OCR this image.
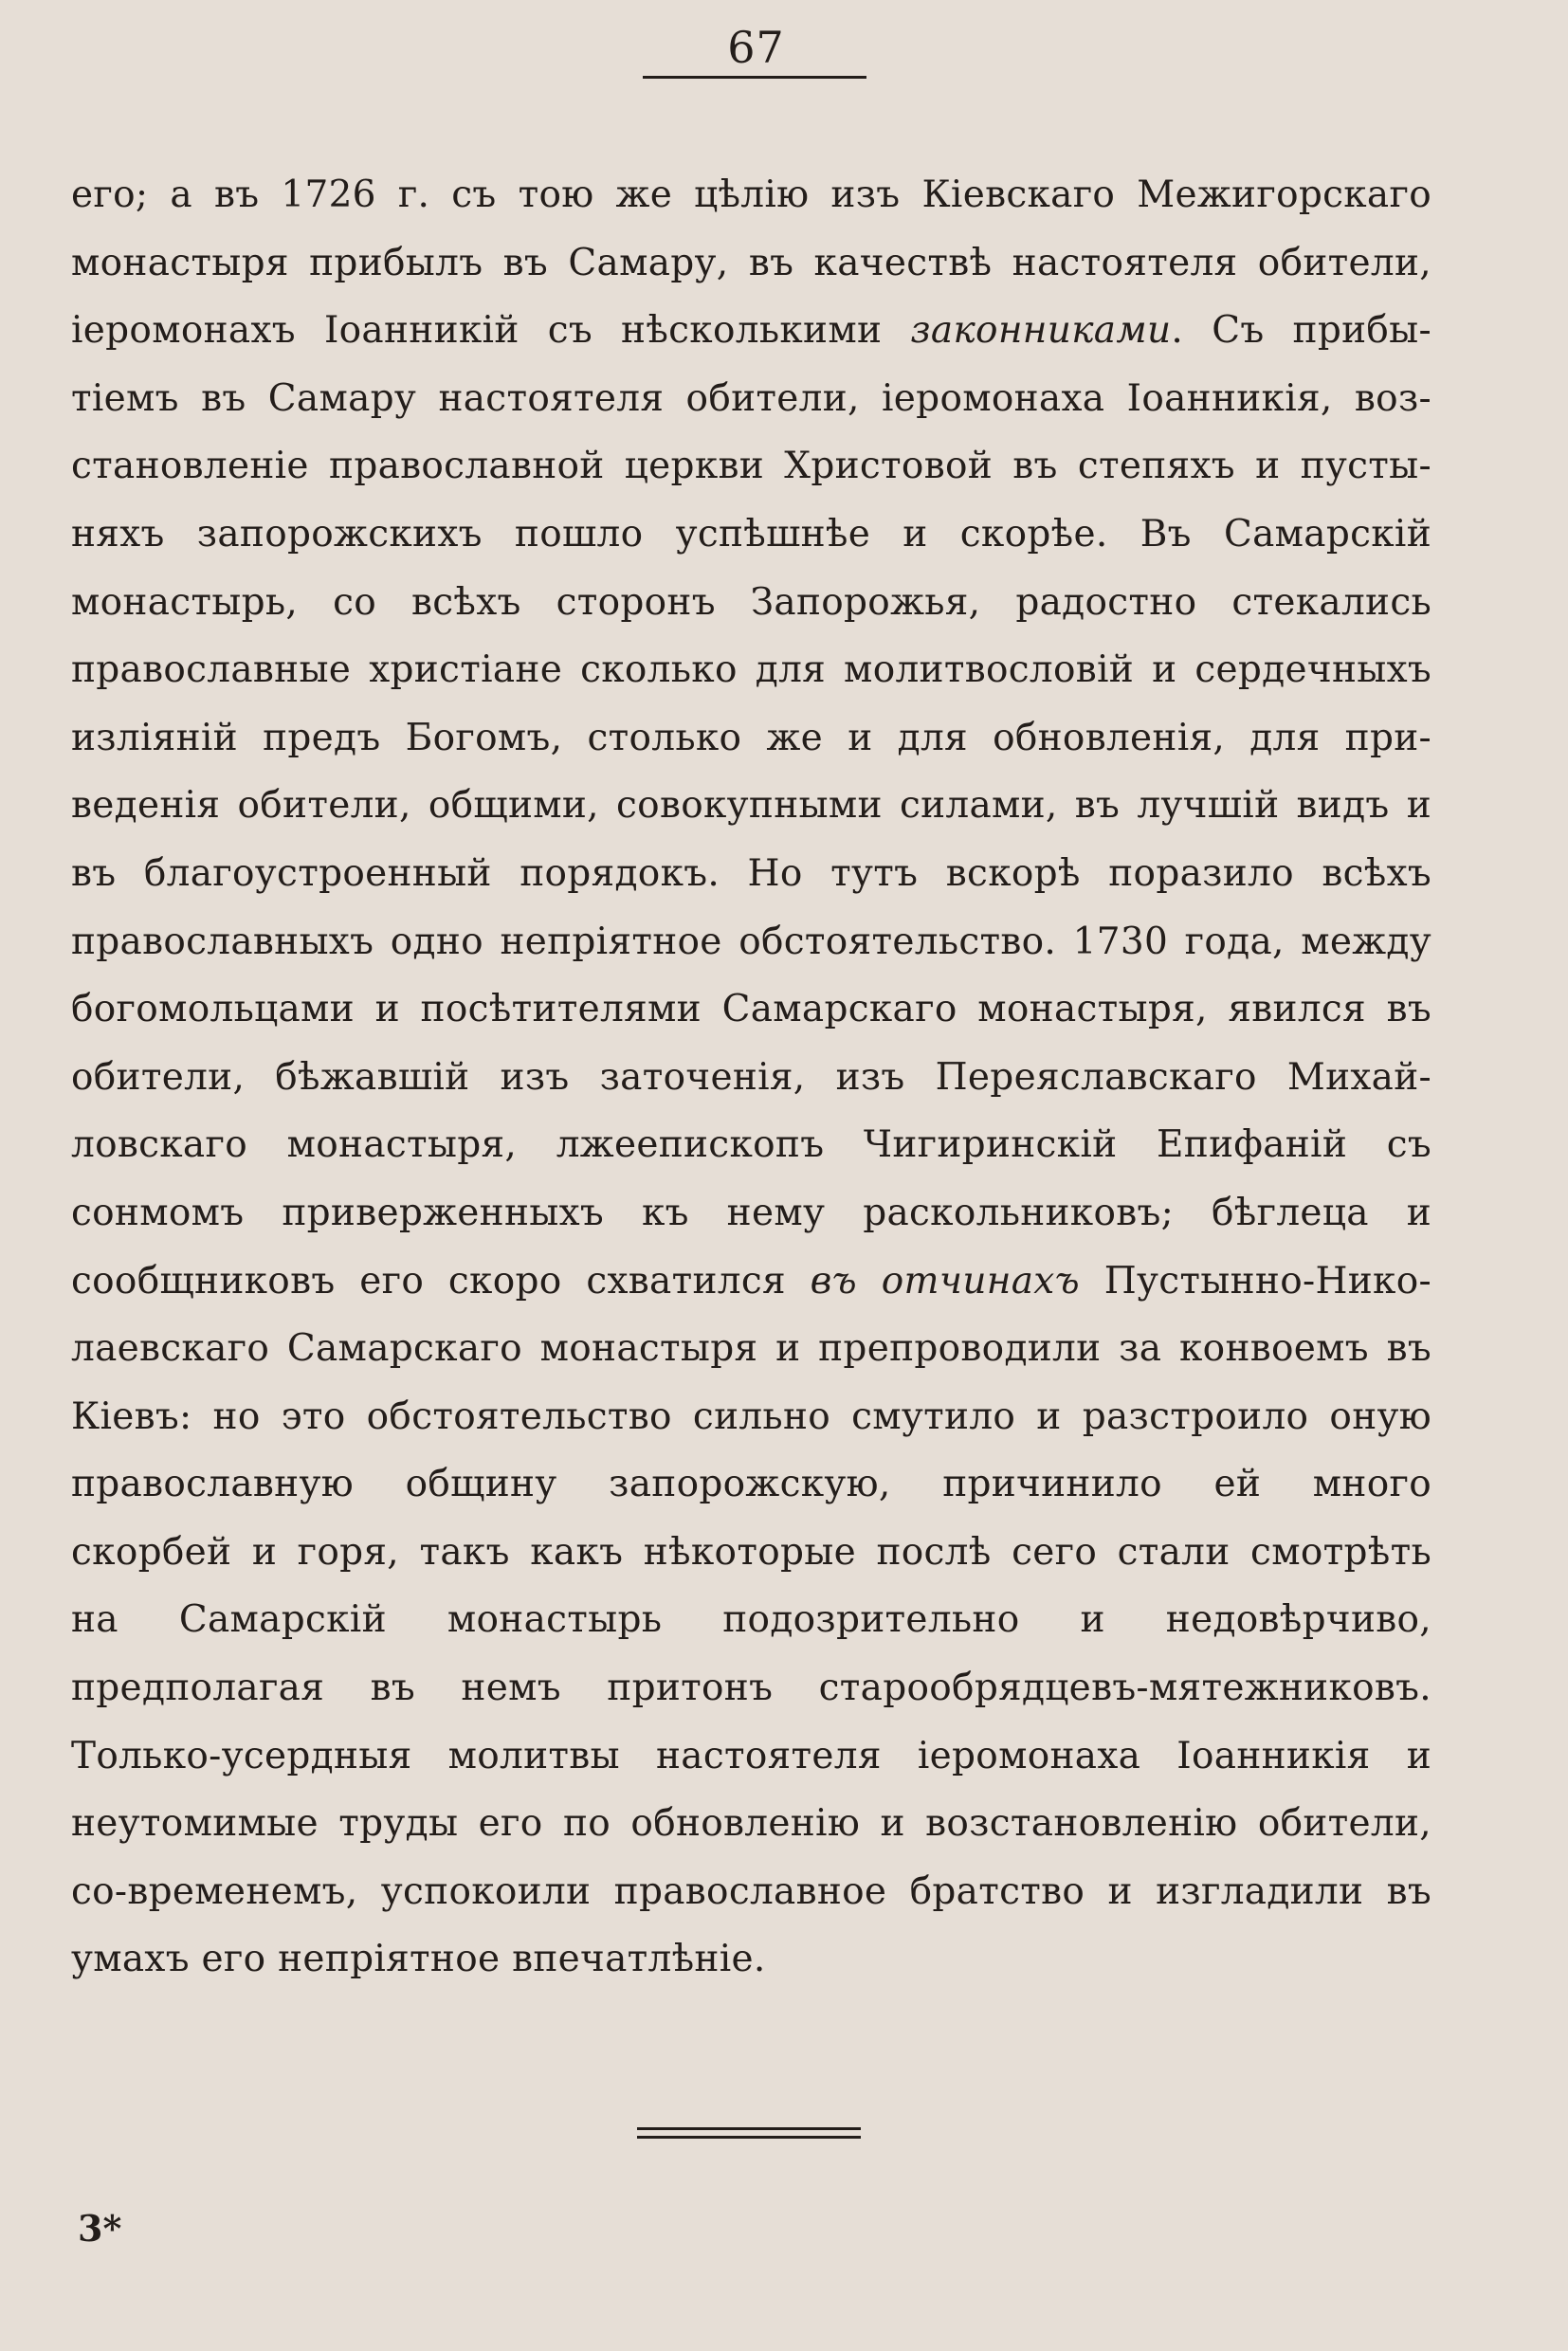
67
его; а въ 1726 г. съ тою же цѣлію изъ Кіевскаго Межигорскаго
монастыря прибылъ въ Самару, въ качествѣ настоятеля обители,
іеромонахъ Іоанникій съ нѣсколькими законниками. Съ прибы-
тіемъ въ Самару настоятеля обители, іеромонаха Іоанникія, воз-
становленіе православной церкви Христовой въ степяхъ и пусты-
няхъ запорожскихъ пошло успѣшнѣе и скорѣе. Въ Самарскій
монастырь, со всѣхъ сторонъ Запорожья, радостно стекались
православные христіане сколько для молитвословій и сердечныхъ
изліяній предъ Богомъ, столько же и для обновленія, для при-
веденія обители, общими, совокупными силами, въ лучшій видъ и
въ благоустроенный порядокъ. Но тутъ вскорѣ поразило всѣхъ
православныхъ одно непріятное обстоятельство. 1730 года, между
богомольцами и посѣтителями Самарскаго монастыря, явился въ
обители, бѣжавшій изъ заточенія, изъ Переяславскаго Михай-
ловскаго монастыря, лжеепископъ Чигиринскій Епифаній съ
сонмомъ приверженныхъ къ нему раскольниковъ; бѣглеца и
сообщниковъ его скоро схватился въ отчинахъ Пустынно-Нико-
лаевскаго Самарскаго монастыря и препроводили за конвоемъ въ
Кіевъ: но это обстоятельство сильно смутило и разстроило оную
православную общину запорожскую, причинило ей много
скорбей и горя, такъ какъ нѣкоторые послѣ сего стали смотрѣть
на Самарскій монастырь подозрительно и недовѣрчиво,
предполагая въ немъ притонъ старообрядцевъ-мятежниковъ.
Только-усердныя молитвы настоятеля іеромонаха Іоанникія и
неутомимые труды его по обновленію и возстановленію обители,
со-временемъ, успокоили православное братство и изгладили въ
умахъ его непріятное впечатлѣніе.
3*
